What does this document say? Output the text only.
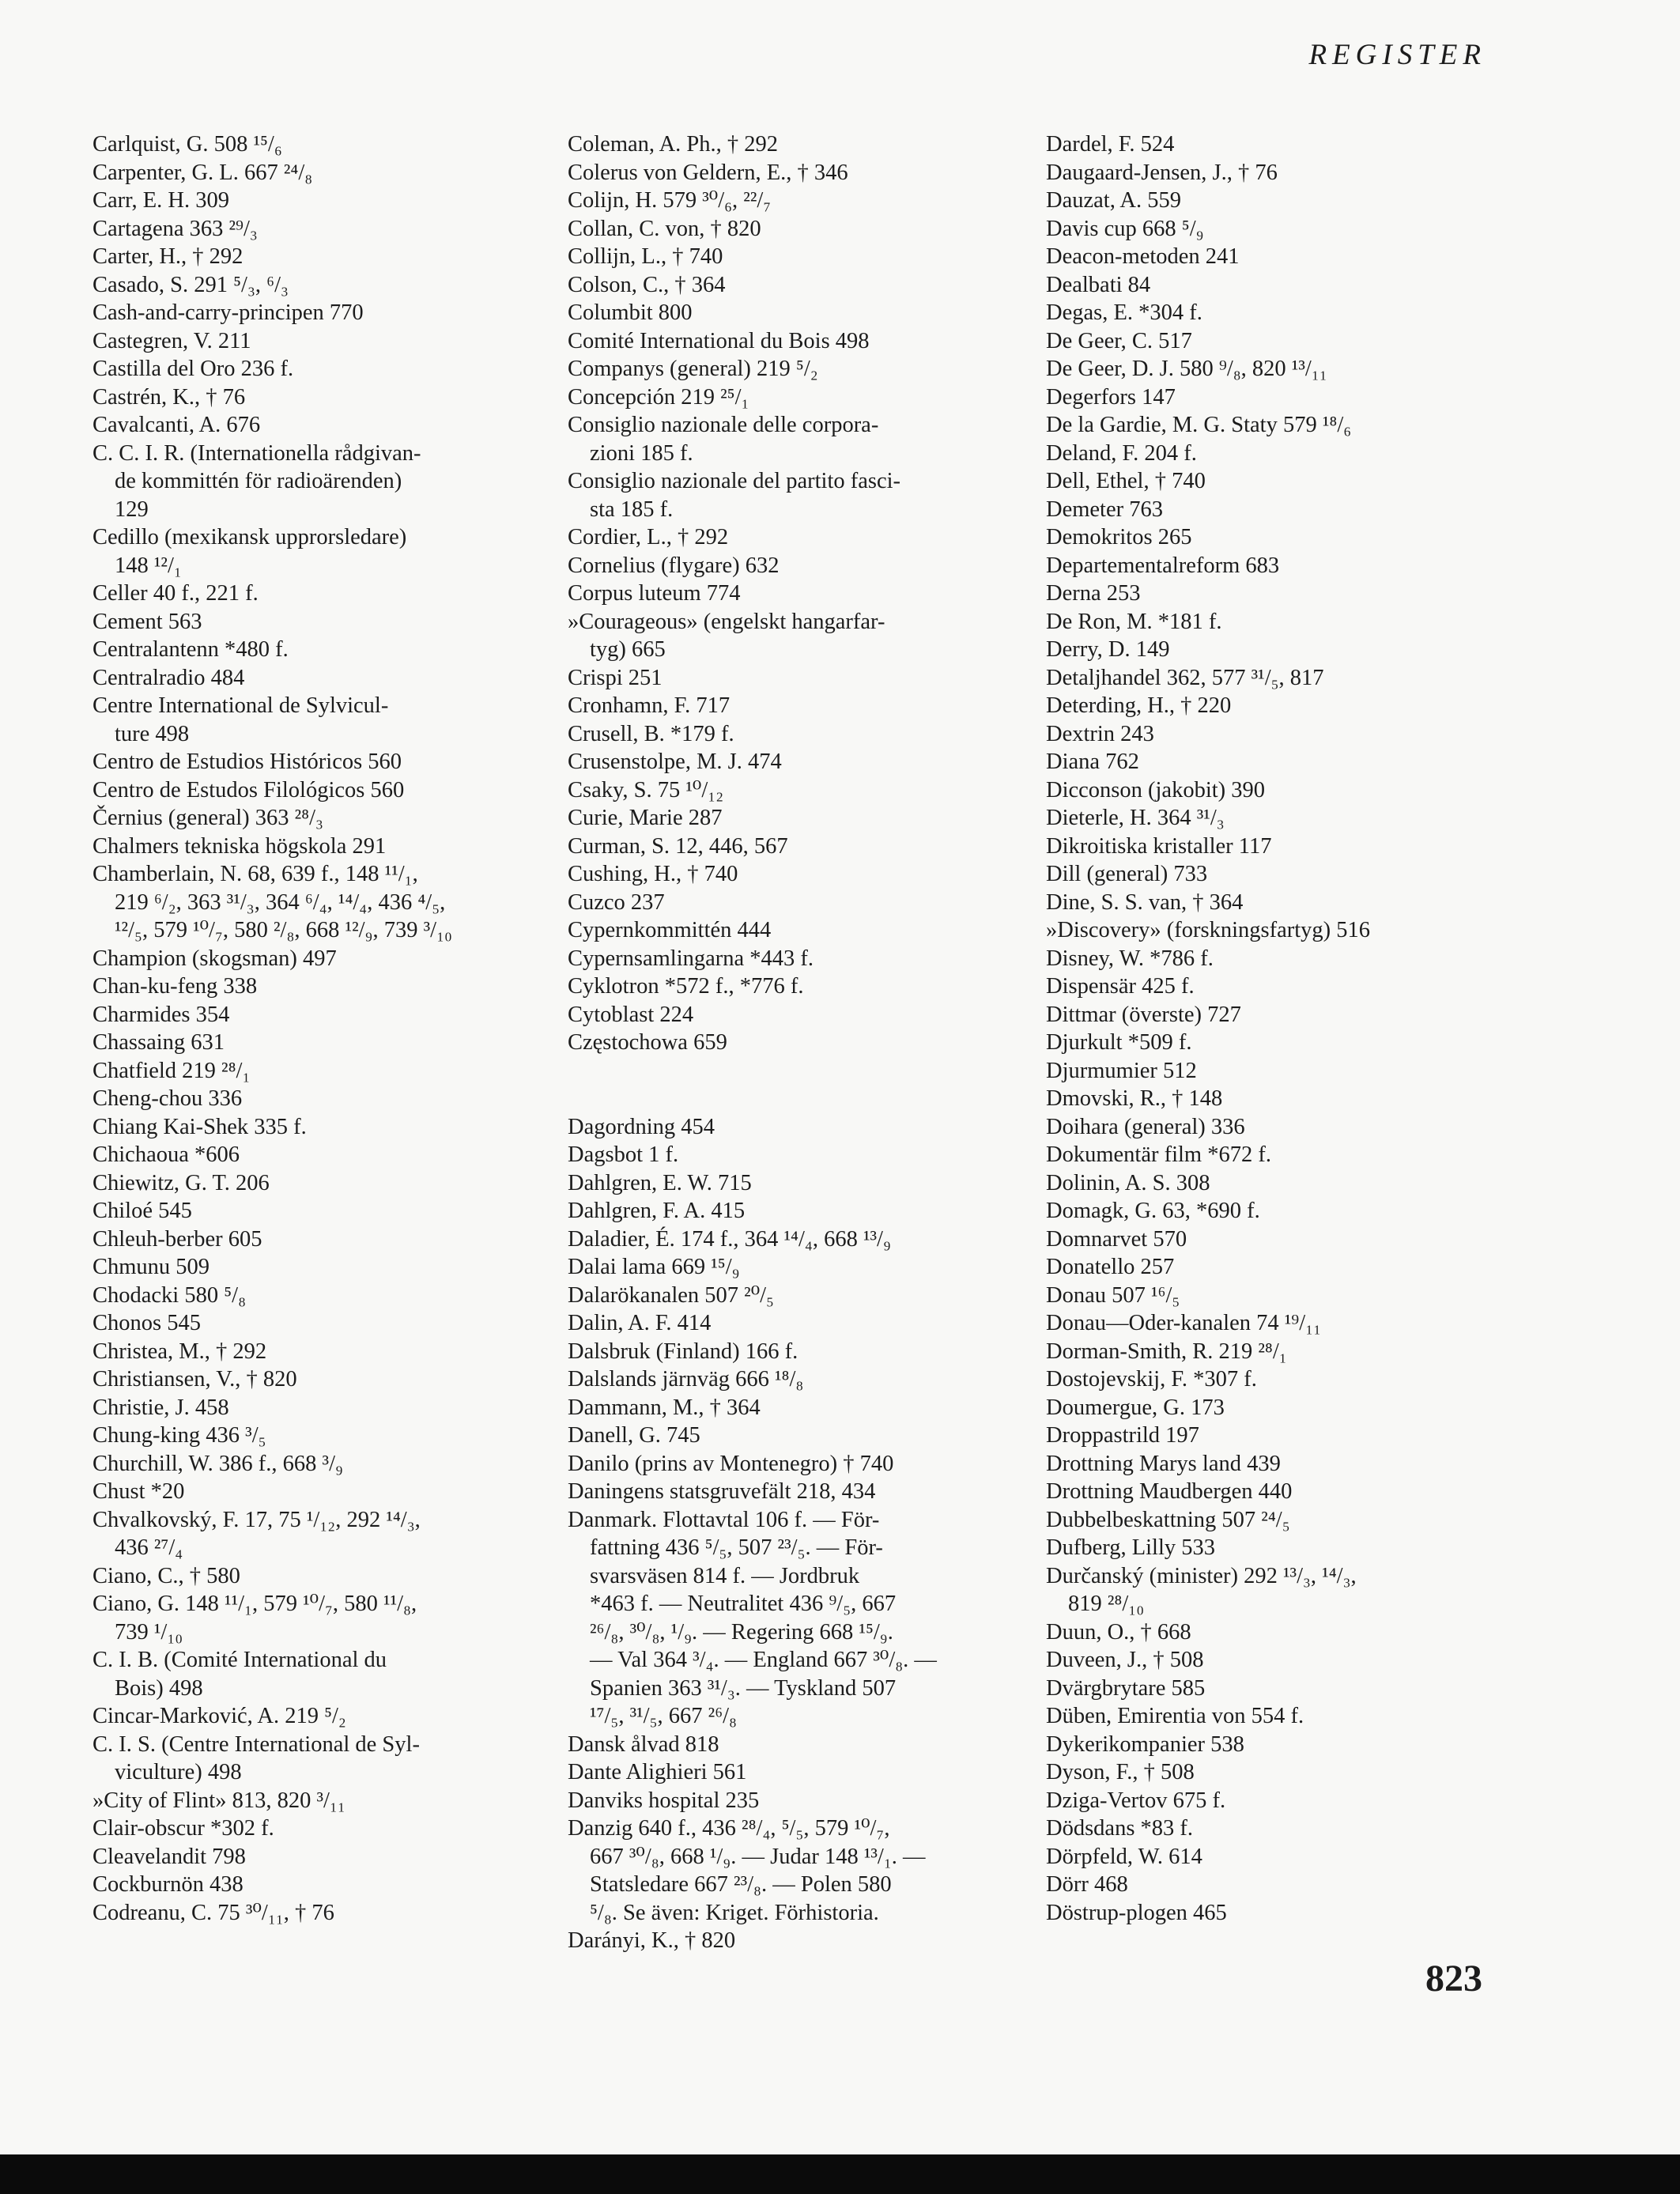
REGISTER
Carlquist, G. 508 ¹⁵/₆
Carpenter, G. L. 667 ²⁴/₈
Carr, E. H. 309
Cartagena 363 ²⁹/₃
Carter, H., † 292
Casado, S. 291 ⁵/₃, ⁶/₃
Cash-and-carry-principen 770
Castegren, V. 211
Castilla del Oro 236 f.
Castrén, K., † 76
Cavalcanti, A. 676
C. C. I. R. (Internationella rådgivan-
de kommittén för radioärenden)
129
Cedillo (mexikansk upprorsledare)
148 ¹²/₁
Celler 40 f., 221 f.
Cement 563
Centralantenn *480 f.
Centralradio 484
Centre International de Sylvicul-
ture 498
Centro de Estudios Históricos 560
Centro de Estudos Filológicos 560
Černius (general) 363 ²⁸/₃
Chalmers tekniska högskola 291
Chamberlain, N. 68, 639 f., 148 ¹¹/₁,
219 ⁶/₂, 363 ³¹/₃, 364 ⁶/₄, ¹⁴/₄, 436 ⁴/₅,
¹²/₅, 579 ¹⁰/₇, 580 ²/₈, 668 ¹²/₉, 739 ³/₁₀
Champion (skogsman) 497
Chan-ku-feng 338
Charmides 354
Chassaing 631
Chatfield 219 ²⁸/₁
Cheng-chou 336
Chiang Kai-Shek 335 f.
Chichaoua *606
Chiewitz, G. T. 206
Chiloé 545
Chleuh-berber 605
Chmunu 509
Chodacki 580 ⁵/₈
Chonos 545
Christea, M., † 292
Christiansen, V., † 820
Christie, J. 458
Chung-king 436 ³/₅
Churchill, W. 386 f., 668 ³/₉
Chust *20
Chvalkovský, F. 17, 75 ¹/₁₂, 292 ¹⁴/₃,
436 ²⁷/₄
Ciano, C., † 580
Ciano, G. 148 ¹¹/₁, 579 ¹⁰/₇, 580 ¹¹/₈,
739 ¹/₁₀
C. I. B. (Comité International du
Bois) 498
Cincar-Marković, A. 219 ⁵/₂
C. I. S. (Centre International de Syl-
viculture) 498
»City of Flint» 813, 820 ³/₁₁
Clair-obscur *302 f.
Cleavelandit 798
Cockburnön 438
Codreanu, C. 75 ³⁰/₁₁, † 76
Coleman, A. Ph., † 292
Colerus von Geldern, E., † 346
Colijn, H. 579 ³⁰/₆, ²²/₇
Collan, C. von, † 820
Collijn, L., † 740
Colson, C., † 364
Columbit 800
Comité International du Bois 498
Companys (general) 219 ⁵/₂
Concepción 219 ²⁵/₁
Consiglio nazionale delle corpora-
zioni 185 f.
Consiglio nazionale del partito fasci-
sta 185 f.
Cordier, L., † 292
Cornelius (flygare) 632
Corpus luteum 774
»Courageous» (engelskt hangarfar-
tyg) 665
Crispi 251
Cronhamn, F. 717
Crusell, B. *179 f.
Crusenstolpe, M. J. 474
Csaky, S. 75 ¹⁰/₁₂
Curie, Marie 287
Curman, S. 12, 446, 567
Cushing, H., † 740
Cuzco 237
Cypernkommittén 444
Cypernsamlingarna *443 f.
Cyklotron *572 f., *776 f.
Cytoblast 224
Częstochowa 659
Dagordning 454
Dagsbot 1 f.
Dahlgren, E. W. 715
Dahlgren, F. A. 415
Daladier, É. 174 f., 364 ¹⁴/₄, 668 ¹³/₉
Dalai lama 669 ¹⁵/₉
Dalarökanalen 507 ²⁰/₅
Dalin, A. F. 414
Dalsbruk (Finland) 166 f.
Dalslands järnväg 666 ¹⁸/₈
Dammann, M., † 364
Danell, G. 745
Danilo (prins av Montenegro) † 740
Daningens statsgruvefält 218, 434
Danmark. Flottavtal 106 f. — För-
fattning 436 ⁵/₅, 507 ²³/₅. — För-
svarsväsen 814 f. — Jordbruk
*463 f. — Neutralitet 436 ⁹/₅, 667
²⁶/₈, ³⁰/₈, ¹/₉. — Regering 668 ¹⁵/₉.
— Val 364 ³/₄. — England 667 ³⁰/₈. —
Spanien 363 ³¹/₃. — Tyskland 507
¹⁷/₅, ³¹/₅, 667 ²⁶/₈
Dansk ålvad 818
Dante Alighieri 561
Danviks hospital 235
Danzig 640 f., 436 ²⁸/₄, ⁵/₅, 579 ¹⁰/₇,
667 ³⁰/₈, 668 ¹/₉. — Judar 148 ¹³/₁. —
Statsledare 667 ²³/₈. — Polen 580
⁵/₈. Se även: Kriget. Förhistoria.
Darányi, K., † 820
Dardel, F. 524
Daugaard-Jensen, J., † 76
Dauzat, A. 559
Davis cup 668 ⁵/₉
Deacon-metoden 241
Dealbati 84
Degas, E. *304 f.
De Geer, C. 517
De Geer, D. J. 580 ⁹/₈, 820 ¹³/₁₁
Degerfors 147
De la Gardie, M. G. Staty 579 ¹⁸/₆
Deland, F. 204 f.
Dell, Ethel, † 740
Demeter 763
Demokritos 265
Departementalreform 683
Derna 253
De Ron, M. *181 f.
Derry, D. 149
Detaljhandel 362, 577 ³¹/₅, 817
Deterding, H., † 220
Dextrin 243
Diana 762
Dicconson (jakobit) 390
Dieterle, H. 364 ³¹/₃
Dikroitiska kristaller 117
Dill (general) 733
Dine, S. S. van, † 364
»Discovery» (forskningsfartyg) 516
Disney, W. *786 f.
Dispensär 425 f.
Dittmar (överste) 727
Djurkult *509 f.
Djurmumier 512
Dmovski, R., † 148
Doihara (general) 336
Dokumentär film *672 f.
Dolinin, A. S. 308
Domagk, G. 63, *690 f.
Domnarvet 570
Donatello 257
Donau 507 ¹⁶/₅
Donau—Oder-kanalen 74 ¹⁹/₁₁
Dorman-Smith, R. 219 ²⁸/₁
Dostojevskij, F. *307 f.
Doumergue, G. 173
Droppastrild 197
Drottning Marys land 439
Drottning Maudbergen 440
Dubbelbeskattning 507 ²⁴/₅
Dufberg, Lilly 533
Durčanský (minister) 292 ¹³/₃, ¹⁴/₃,
819 ²⁸/₁₀
Duun, O., † 668
Duveen, J., † 508
Dvärgbrytare 585
Düben, Emirentia von 554 f.
Dykerikompanier 538
Dyson, F., † 508
Dziga-Vertov 675 f.
Dödsdans *83 f.
Dörpfeld, W. 614
Dörr 468
Döstrup-plogen 465
823
